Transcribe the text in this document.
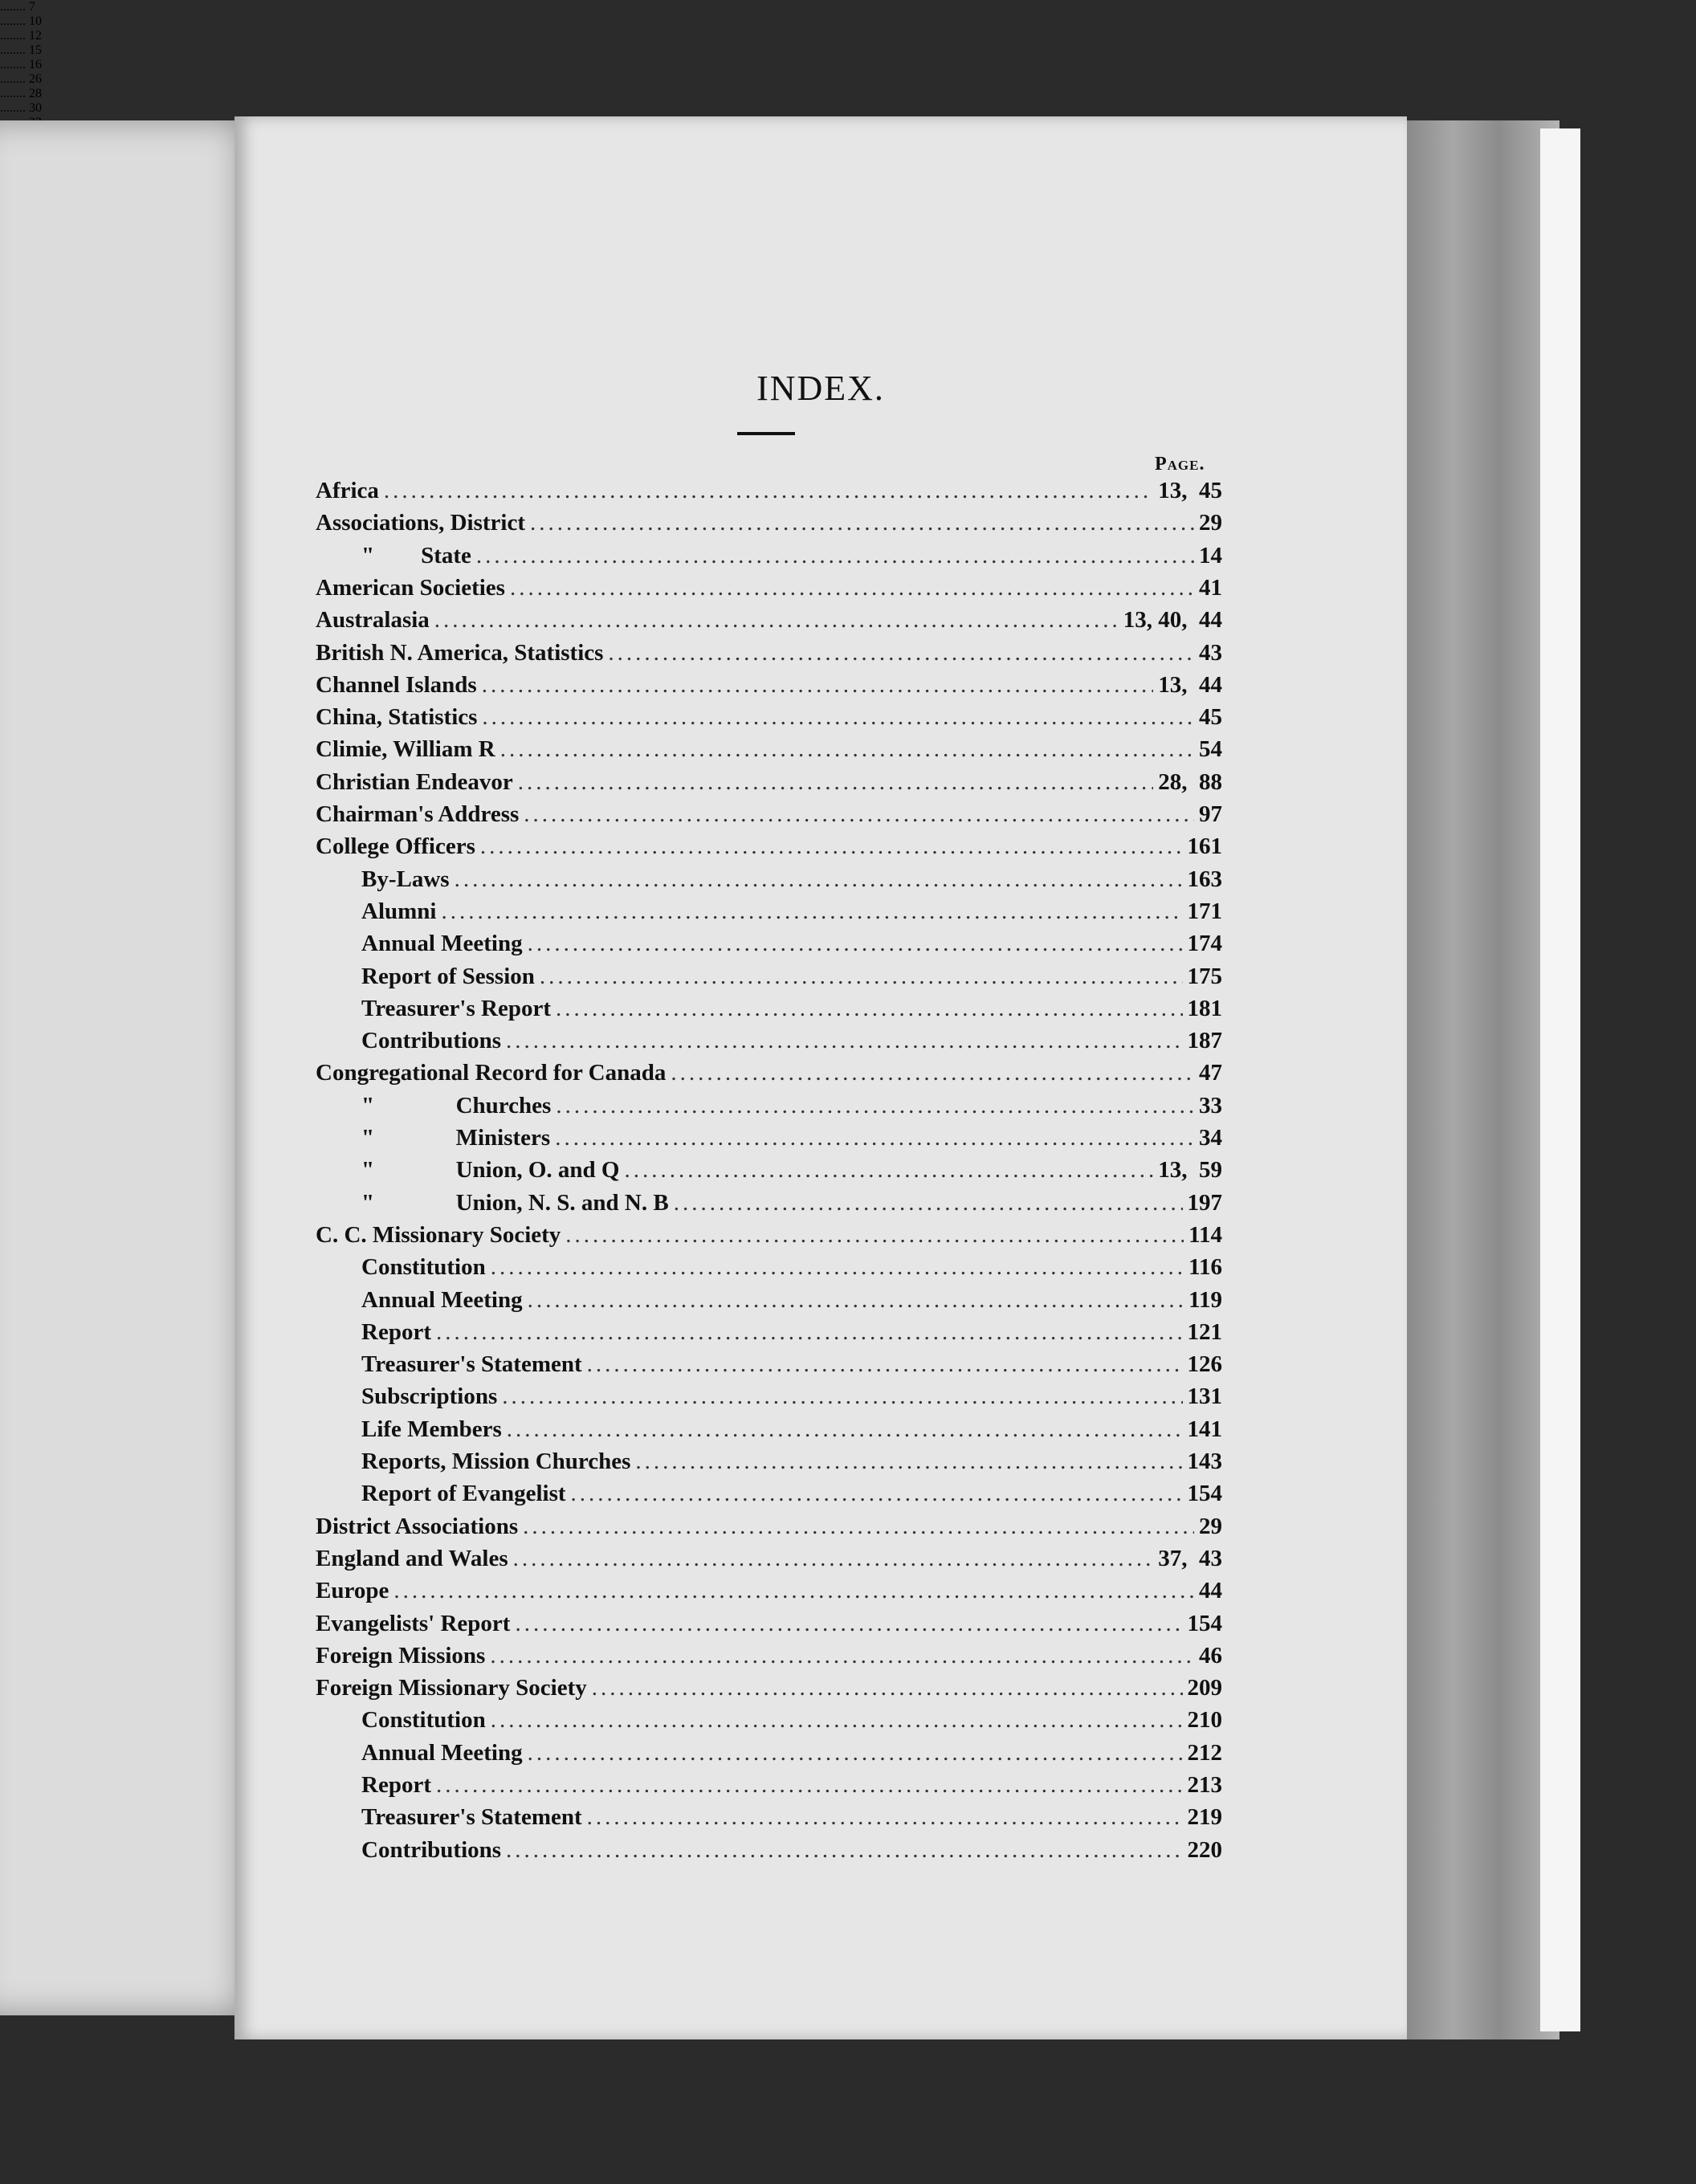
........ 7
........ 10
........ 12
........ 15
........ 16
........ 26
........ 28
........ 30
INDEX.
Page.
Africa .....	13,  45
Associations, District .....	29
"        State .....	14
American Societies .....	41
Australasia .....	13, 40,  44
British N. America, Statistics .....	43
Channel Islands .....	13,  44
China, Statistics .....	45
Climie, William R .....	54
Christian Endeavor .....	28,  88
Chairman's Address .....	97
College Officers .....	161
By-Laws .....	163
Alumni .....	171
Annual Meeting .....	174
Report of Session .....	175
Treasurer's Report .....	181
Contributions .....	187
Congregational Record for Canada .....	47
"              Churches .....	33
"              Ministers .....	34
"              Union, O. and Q .....	13,  59
"              Union, N. S. and N. B .....	197
C. C. Missionary Society .....	114
Constitution .....	116
Annual Meeting .....	119
Report .....	121
Treasurer's Statement .....	126
Subscriptions .....	131
Life Members .....	141
Reports, Mission Churches .....	143
Report of Evangelist .....	154
District Associations .....	29
England and Wales .....	37,  43
Europe .....	44
Evangelists' Report .....	154
Foreign Missions .....	46
Foreign Missionary Society .....	209
Constitution .....	210
Annual Meeting .....	212
Report .....	213
Treasurer's Statement .....	219
Contributions .....	220
